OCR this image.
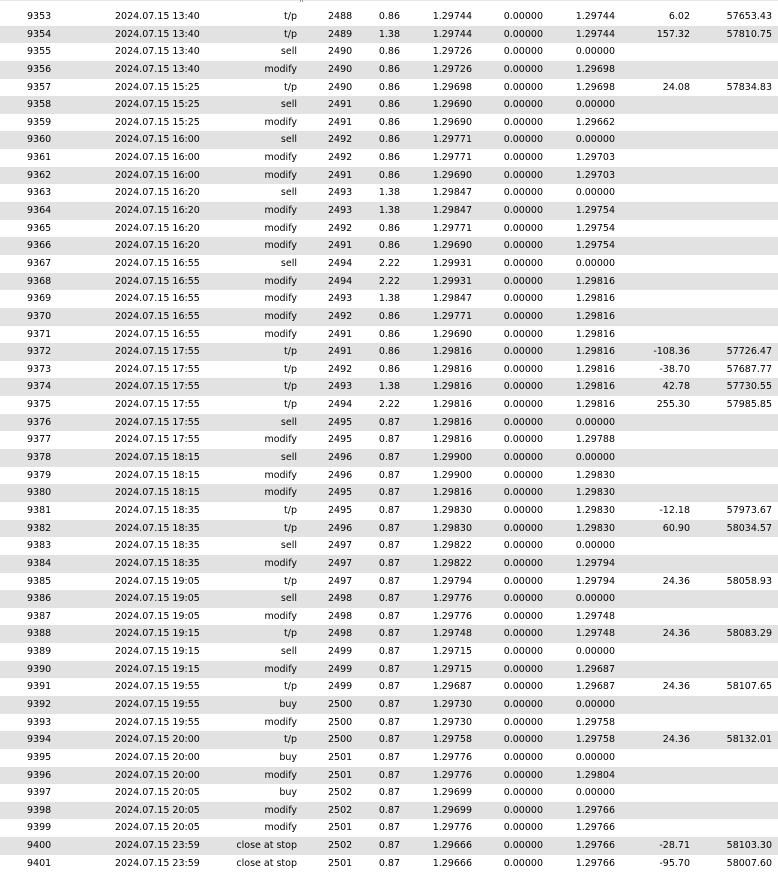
9353	2024.07.15 13:40	t/p	2488	0.86	1.29744	0.00000	1.29744	6.02	57653.43
9354	2024.07.15 13:40	t/p	2489	1.38	1.29744	0.00000	1.29744	157.32	57810.75
9355	2024.07.15 13:40	sell	2490	0.86	1.29726	0.00000	0.00000
9356	2024.07.15 13:40	modify	2490	0.86	1.29726	0.00000	1.29698
9357	2024.07.15 15:25	t/p	2490	0.86	1.29698	0.00000	1.29698	24.08	57834.83
9358	2024.07.15 15:25	sell	2491	0.86	1.29690	0.00000	0.00000
9359	2024.07.15 15:25	modify	2491	0.86	1.29690	0.00000	1.29662
9360	2024.07.15 16:00	sell	2492	0.86	1.29771	0.00000	0.00000
9361	2024.07.15 16:00	modify	2492	0.86	1.29771	0.00000	1.29703
9362	2024.07.15 16:00	modify	2491	0.86	1.29690	0.00000	1.29703
9363	2024.07.15 16:20	sell	2493	1.38	1.29847	0.00000	0.00000
9364	2024.07.15 16:20	modify	2493	1.38	1.29847	0.00000	1.29754
9365	2024.07.15 16:20	modify	2492	0.86	1.29771	0.00000	1.29754
9366	2024.07.15 16:20	modify	2491	0.86	1.29690	0.00000	1.29754
9367	2024.07.15 16:55	sell	2494	2.22	1.29931	0.00000	0.00000
9368	2024.07.15 16:55	modify	2494	2.22	1.29931	0.00000	1.29816
9369	2024.07.15 16:55	modify	2493	1.38	1.29847	0.00000	1.29816
9370	2024.07.15 16:55	modify	2492	0.86	1.29771	0.00000	1.29816
9371	2024.07.15 16:55	modify	2491	0.86	1.29690	0.00000	1.29816
9372	2024.07.15 17:55	t/p	2491	0.86	1.29816	0.00000	1.29816	-108.36	57726.47
9373	2024.07.15 17:55	t/p	2492	0.86	1.29816	0.00000	1.29816	-38.70	57687.77
9374	2024.07.15 17:55	t/p	2493	1.38	1.29816	0.00000	1.29816	42.78	57730.55
9375	2024.07.15 17:55	t/p	2494	2.22	1.29816	0.00000	1.29816	255.30	57985.85
9376	2024.07.15 17:55	sell	2495	0.87	1.29816	0.00000	0.00000
9377	2024.07.15 17:55	modify	2495	0.87	1.29816	0.00000	1.29788
9378	2024.07.15 18:15	sell	2496	0.87	1.29900	0.00000	0.00000
9379	2024.07.15 18:15	modify	2496	0.87	1.29900	0.00000	1.29830
9380	2024.07.15 18:15	modify	2495	0.87	1.29816	0.00000	1.29830
9381	2024.07.15 18:35	t/p	2495	0.87	1.29830	0.00000	1.29830	-12.18	57973.67
9382	2024.07.15 18:35	t/p	2496	0.87	1.29830	0.00000	1.29830	60.90	58034.57
9383	2024.07.15 18:35	sell	2497	0.87	1.29822	0.00000	0.00000
9384	2024.07.15 18:35	modify	2497	0.87	1.29822	0.00000	1.29794
9385	2024.07.15 19:05	t/p	2497	0.87	1.29794	0.00000	1.29794	24.36	58058.93
9386	2024.07.15 19:05	sell	2498	0.87	1.29776	0.00000	0.00000
9387	2024.07.15 19:05	modify	2498	0.87	1.29776	0.00000	1.29748
9388	2024.07.15 19:15	t/p	2498	0.87	1.29748	0.00000	1.29748	24.36	58083.29
9389	2024.07.15 19:15	sell	2499	0.87	1.29715	0.00000	0.00000
9390	2024.07.15 19:15	modify	2499	0.87	1.29715	0.00000	1.29687
9391	2024.07.15 19:55	t/p	2499	0.87	1.29687	0.00000	1.29687	24.36	58107.65
9392	2024.07.15 19:55	buy	2500	0.87	1.29730	0.00000	0.00000
9393	2024.07.15 19:55	modify	2500	0.87	1.29730	0.00000	1.29758
9394	2024.07.15 20:00	t/p	2500	0.87	1.29758	0.00000	1.29758	24.36	58132.01
9395	2024.07.15 20:00	buy	2501	0.87	1.29776	0.00000	0.00000
9396	2024.07.15 20:00	modify	2501	0.87	1.29776	0.00000	1.29804
9397	2024.07.15 20:05	buy	2502	0.87	1.29699	0.00000	0.00000
9398	2024.07.15 20:05	modify	2502	0.87	1.29699	0.00000	1.29766
9399	2024.07.15 20:05	modify	2501	0.87	1.29776	0.00000	1.29766
9400	2024.07.15 23:59	close at stop	2502	0.87	1.29666	0.00000	1.29766	-28.71	58103.30
9401	2024.07.15 23:59	close at stop	2501	0.87	1.29666	0.00000	1.29766	-95.70	58007.60
